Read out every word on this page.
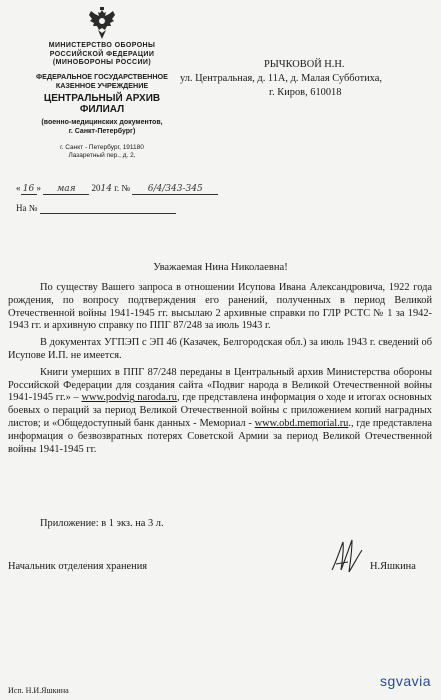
МИНИСТЕРСТВО ОБОРОНЫ
РОССИЙСКОЙ ФЕДЕРАЦИИ
(МИНОБОРОНЫ РОССИИ)
ФЕДЕРАЛЬНОЕ ГОСУДАРСТВЕННОЕ
КАЗЕННОЕ УЧРЕЖДЕНИЕ
ЦЕНТРАЛЬНЫЙ АРХИВ
ФИЛИАЛ
(военно-медицинских документов,
г. Санкт-Петербург)
г. Санкт - Петербург, 191180
Лазаретный пер., д. 2,
« 16 » мая 2014 г. № 6/4/343-345
На №
РЫЧКОВОЙ Н.Н.
ул. Центральная, д. 11А, д. Малая Субботиха,
г. Киров, 610018
Уважаемая Нина Николаевна!

По существу Вашего запроса в отношении Исупова Ивана Александровича, 1922 года рождения, по вопросу подтверждения его ранений, полученных в период Великой Отечественной войны 1941-1945 гг. высылаю 2 архивные справки по ГЛР РСТС № 1 за 1942-1943 гг. и архивную справку по ППГ 87/248 за июль 1943 г.

В документах УГПЭП с ЭП 46 (Казачек, Белгородская обл.) за июль 1943 г. сведений об Исупове И.П. не имеется.

Книги умерших в ППГ 87/248 переданы в Центральный архив Министерства обороны Российской Федерации для создания сайта «Подвиг народа в Великой Отечественной войны 1941-1945 гг.» – www.podvig naroda.ru, где представлена информация о ходе и итогах основных боевых о перaций за период Великой Отечественной войны с приложением копий наградных листов; и «Общедоступный банк данных - Мемориал - www.obd.memorial.ru., где представлена информация о безвозвратных потерях Советской Армии за период Великой Отечественной войны 1941-1945 гг.

Приложение: в 1 экз. на 3 л.
Начальник отделения хранения	Н.Яшкина
Исп. Н.И.Яшкина
sgvavia
